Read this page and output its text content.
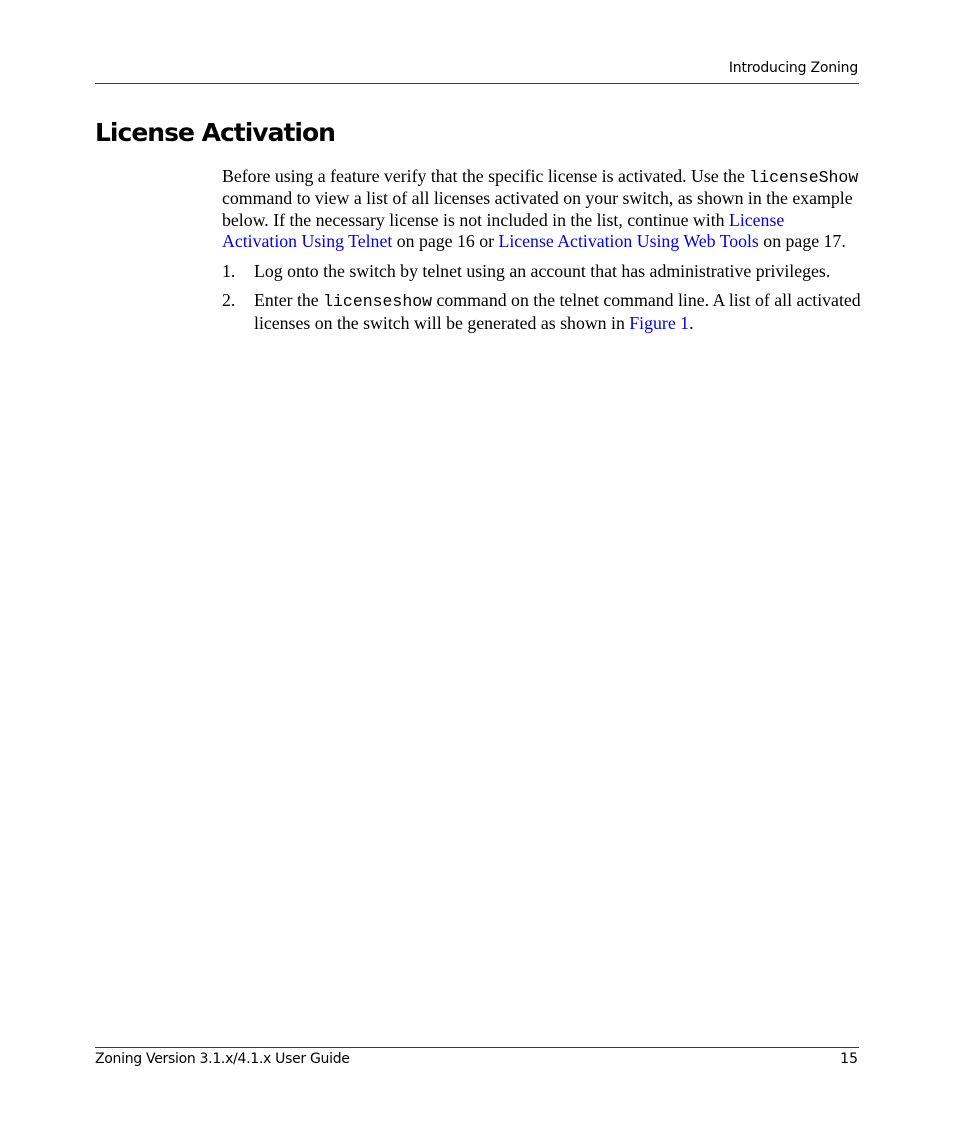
Introducing Zoning
License Activation

Before using a feature verify that the specific license is activated. Use the licenseShow command to view a list of all licenses activated on your switch, as shown in the example below. If the necessary license is not included in the list, continue with License Activation Using Telnet on page 16 or License Activation Using Web Tools on page 17.

1. Log onto the switch by telnet using an account that has administrative privileges.
2. Enter the licenseshow command on the telnet command line. A list of all activated licenses on the switch will be generated as shown in Figure 1.
Zoning Version 3.1.x/4.1.x User Guide	15
